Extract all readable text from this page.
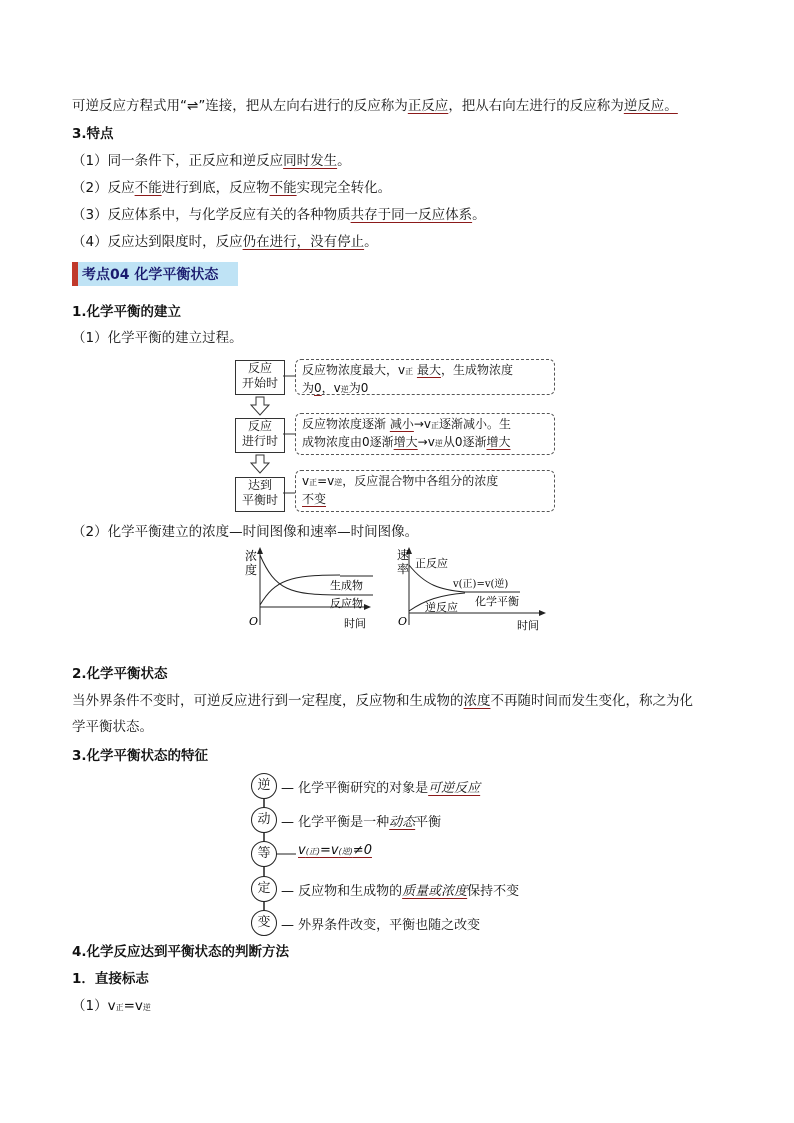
可逆反应方程式用“⇌”连接，把从左向右进行的反应称为正反应，把从右向左进行的反应称为逆反应。
3.特点
（1）同一条件下，正反应和逆反应同时发生。
（2）反应不能进行到底，反应物不能实现完全转化。
（3）反应体系中，与化学反应有关的各种物质共存于同一反应体系。
（4）反应达到限度时，反应仍在进行，没有停止。
考点04 化学平衡状态
1.化学平衡的建立
（1）化学平衡的建立过程。
反应
开始时
反应
进行时
达到
平衡时
反应物浓度最大，v正 最大，生成物浓度
为0，v逆为0
反应物浓度逐渐 减小→v正逐渐减小。生
成物浓度由0逐渐增大→v逆从0逐渐增大
v正=v逆，反应混合物中各组分的浓度
不变
（2）化学平衡建立的浓度—时间图像和速率—时间图像。
浓
度
O
生成物
反应物
时间
速
率 正反应
v(正)=v(逆)
逆反应 化学平衡
O	时间
2.化学平衡状态
当外界条件不变时，可逆反应进行到一定程度，反应物和生成物的浓度不再随时间而发生变化，称之为化
学平衡状态。
3.化学平衡状态的特征
逆 — 化学平衡研究的对象是可逆反应
动 — 化学平衡是一种动态平衡
等	v(正)=v(逆)≠0
定 — 反应物和生成物的质量或浓度保持不变
变 — 外界条件改变，平衡也随之改变
4.化学反应达到平衡状态的判断方法
1．直接标志
（1）v正=v逆
